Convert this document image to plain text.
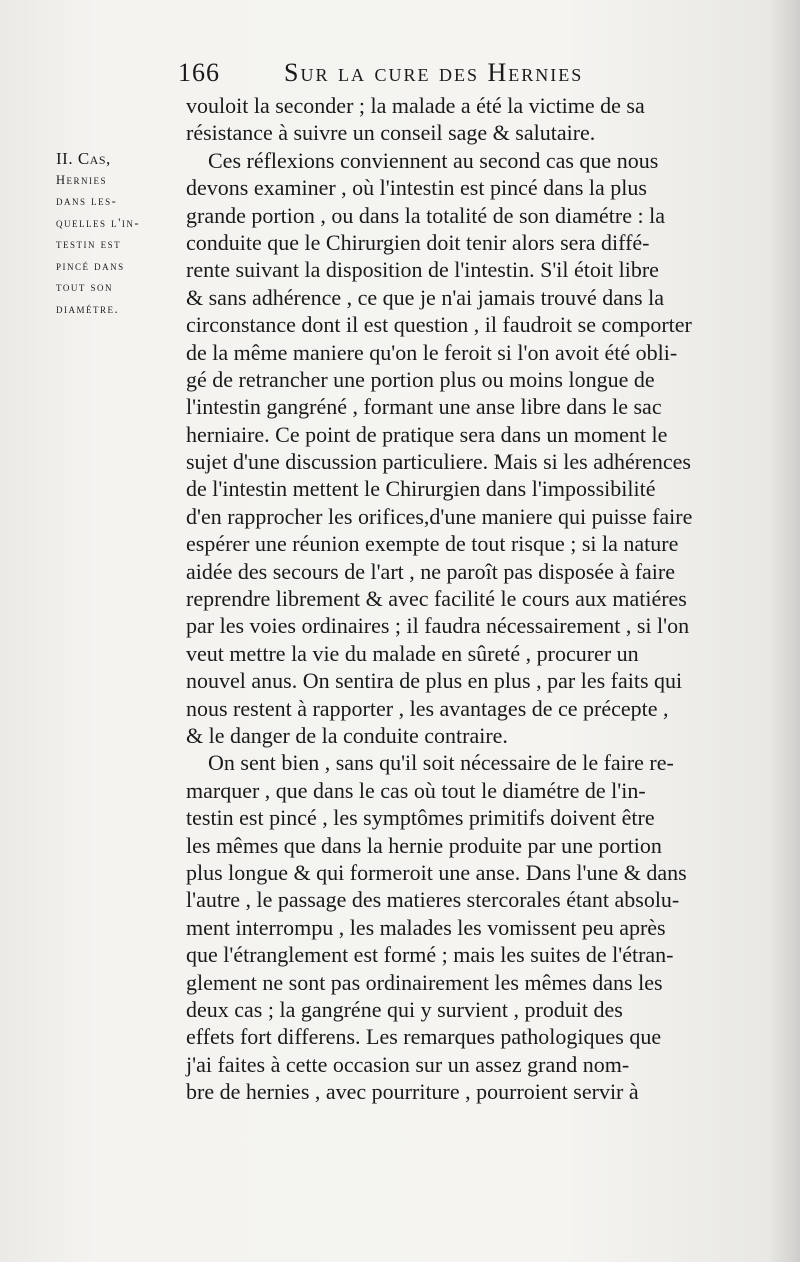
166 Sur la cure des Hernies
II. Cas,
Hernies
dans les-
quelles l'in-
testin est
pincé dans
tout son
diamétre.
vouloit la seconder ; la malade a été la victime de sa
résistance à suivre un conseil sage & salutaire.
Ces réflexions conviennent au second cas que nous
devons examiner , où l'intestin est pincé dans la plus
grande portion , ou dans la totalité de son diamétre : la
conduite que le Chirurgien doit tenir alors sera diffé-
rente suivant la disposition de l'intestin. S'il étoit libre
& sans adhérence , ce que je n'ai jamais trouvé dans la
circonstance dont il est question , il faudroit se comporter
de la même maniere qu'on le feroit si l'on avoit été obli-
gé de retrancher une portion plus ou moins longue de
l'intestin gangréné , formant une anse libre dans le sac
herniaire. Ce point de pratique sera dans un moment le
sujet d'une discussion particuliere. Mais si les adhérences
de l'intestin mettent le Chirurgien dans l'impossibilité
d'en rapprocher les orifices,d'une maniere qui puisse faire
espérer une réunion exempte de tout risque ; si la nature
aidée des secours de l'art , ne paroît pas disposée à faire
reprendre librement & avec facilité le cours aux matiéres
par les voies ordinaires ; il faudra nécessairement , si l'on
veut mettre la vie du malade en sûreté , procurer un
nouvel anus. On sentira de plus en plus , par les faits qui
nous restent à rapporter , les avantages de ce précepte ,
& le danger de la conduite contraire.
On sent bien , sans qu'il soit nécessaire de le faire re-
marquer , que dans le cas où tout le diamétre de l'in-
testin est pincé , les symptômes primitifs doivent être
les mêmes que dans la hernie produite par une portion
plus longue & qui formeroit une anse. Dans l'une & dans
l'autre , le passage des matieres stercorales étant absolu-
ment interrompu , les malades les vomissent peu après
que l'étranglement est formé ; mais les suites de l'étran-
glement ne sont pas ordinairement les mêmes dans les
deux cas ; la gangréne qui y survient , produit des
effets fort differens. Les remarques pathologiques que
j'ai faites à cette occasion sur un assez grand nom-
bre de hernies , avec pourriture , pourroient servir à
